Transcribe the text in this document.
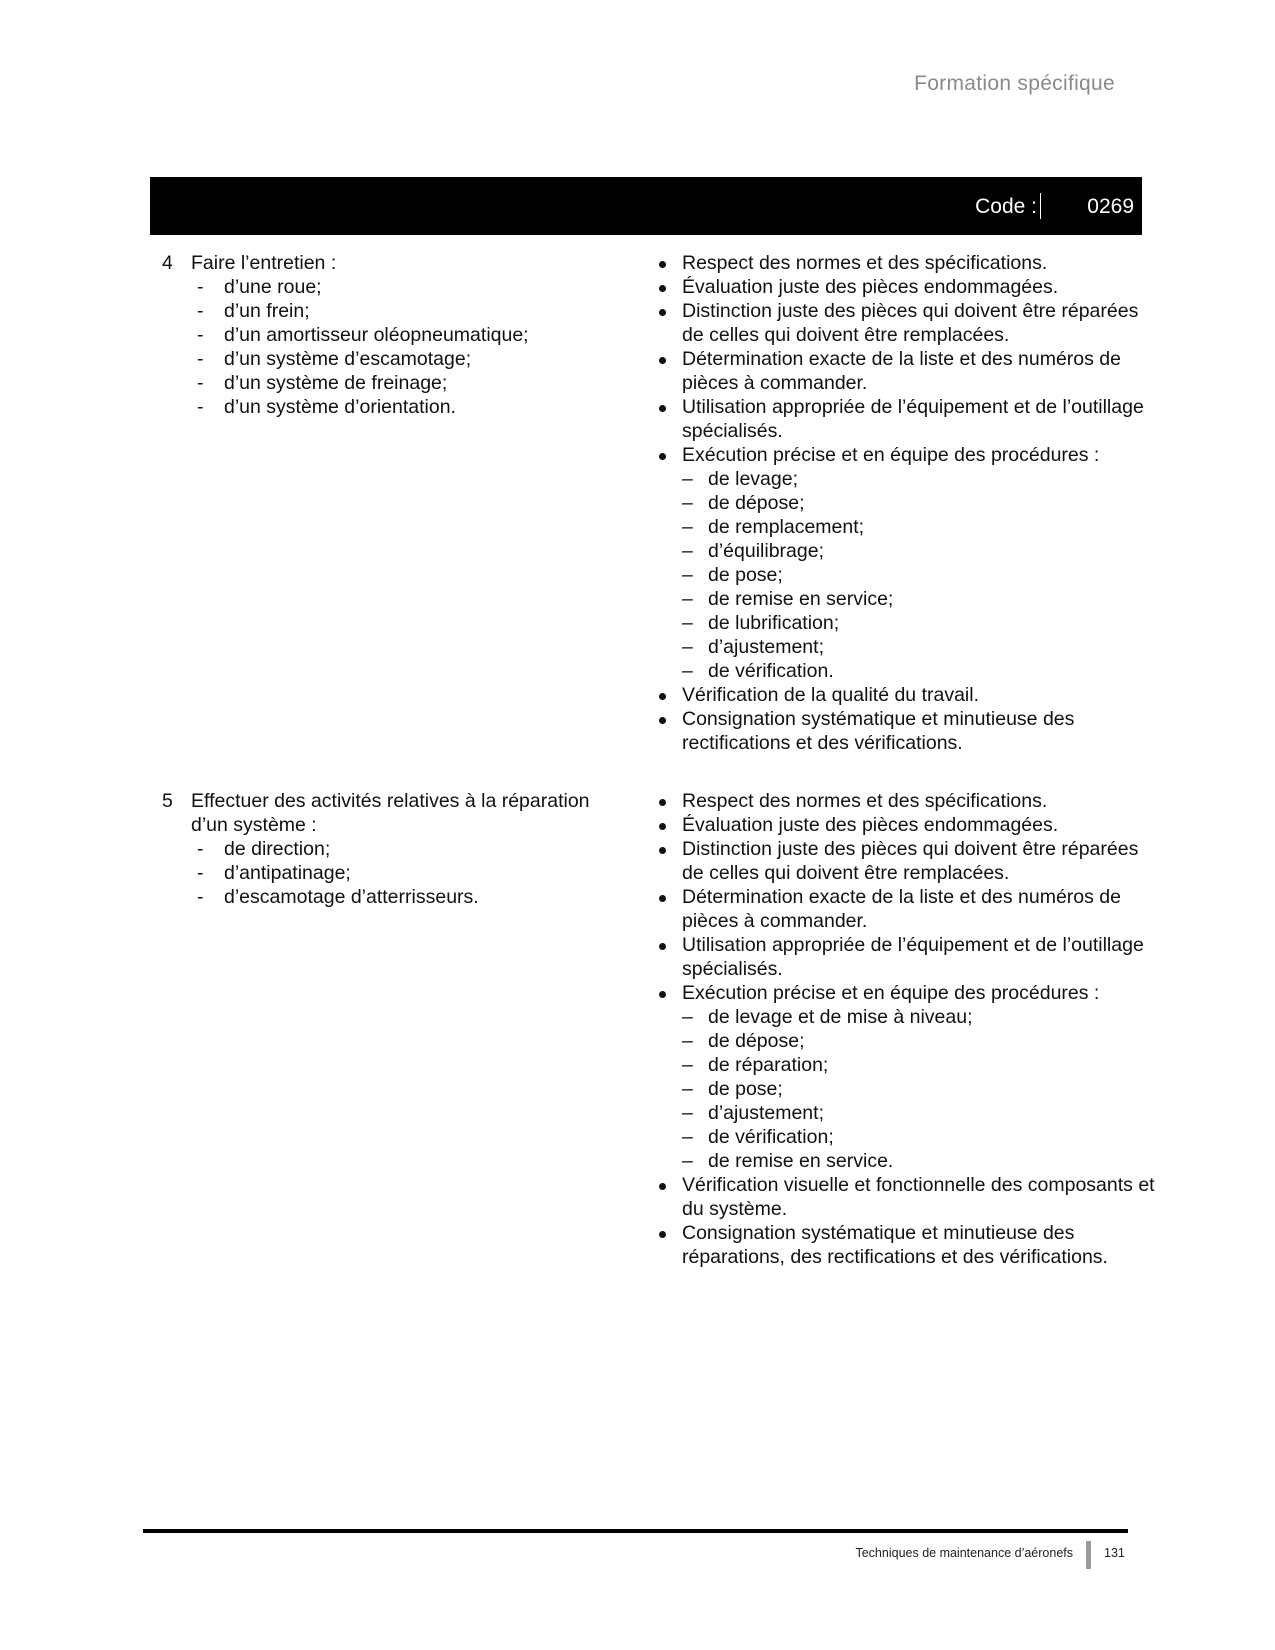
Formation spécifique
Code : 0269
4 Faire l’entretien :
- d’une roue;
- d’un frein;
- d’un amortisseur oléopneumatique;
- d’un système d’escamotage;
- d’un système de freinage;
- d’un système d’orientation.
Respect des normes et des spécifications.
Évaluation juste des pièces endommagées.
Distinction juste des pièces qui doivent être réparées de celles qui doivent être remplacées.
Détermination exacte de la liste et des numéros de pièces à commander.
Utilisation appropriée de l’équipement et de l’outillage spécialisés.
Exécution précise et en équipe des procédures :
– de levage;
– de dépose;
– de remplacement;
– d’équilibrage;
– de pose;
– de remise en service;
– de lubrification;
– d’ajustement;
– de vérification.
Vérification de la qualité du travail.
Consignation systématique et minutieuse des rectifications et des vérifications.
5 Effectuer des activités relatives à la réparation
d’un système :
- de direction;
- d’antipatinage;
- d’escamotage d’atterrisseurs.
Respect des normes et des spécifications.
Évaluation juste des pièces endommagées.
Distinction juste des pièces qui doivent être réparées de celles qui doivent être remplacées.
Détermination exacte de la liste et des numéros de pièces à commander.
Utilisation appropriée de l’équipement et de l’outillage spécialisés.
Exécution précise et en équipe des procédures :
– de levage et de mise à niveau;
– de dépose;
– de réparation;
– de pose;
– d’ajustement;
– de vérification;
– de remise en service.
Vérification visuelle et fonctionnelle des composants et du système.
Consignation systématique et minutieuse des réparations, des rectifications et des vérifications.
Techniques de maintenance d’aéronefs 131
